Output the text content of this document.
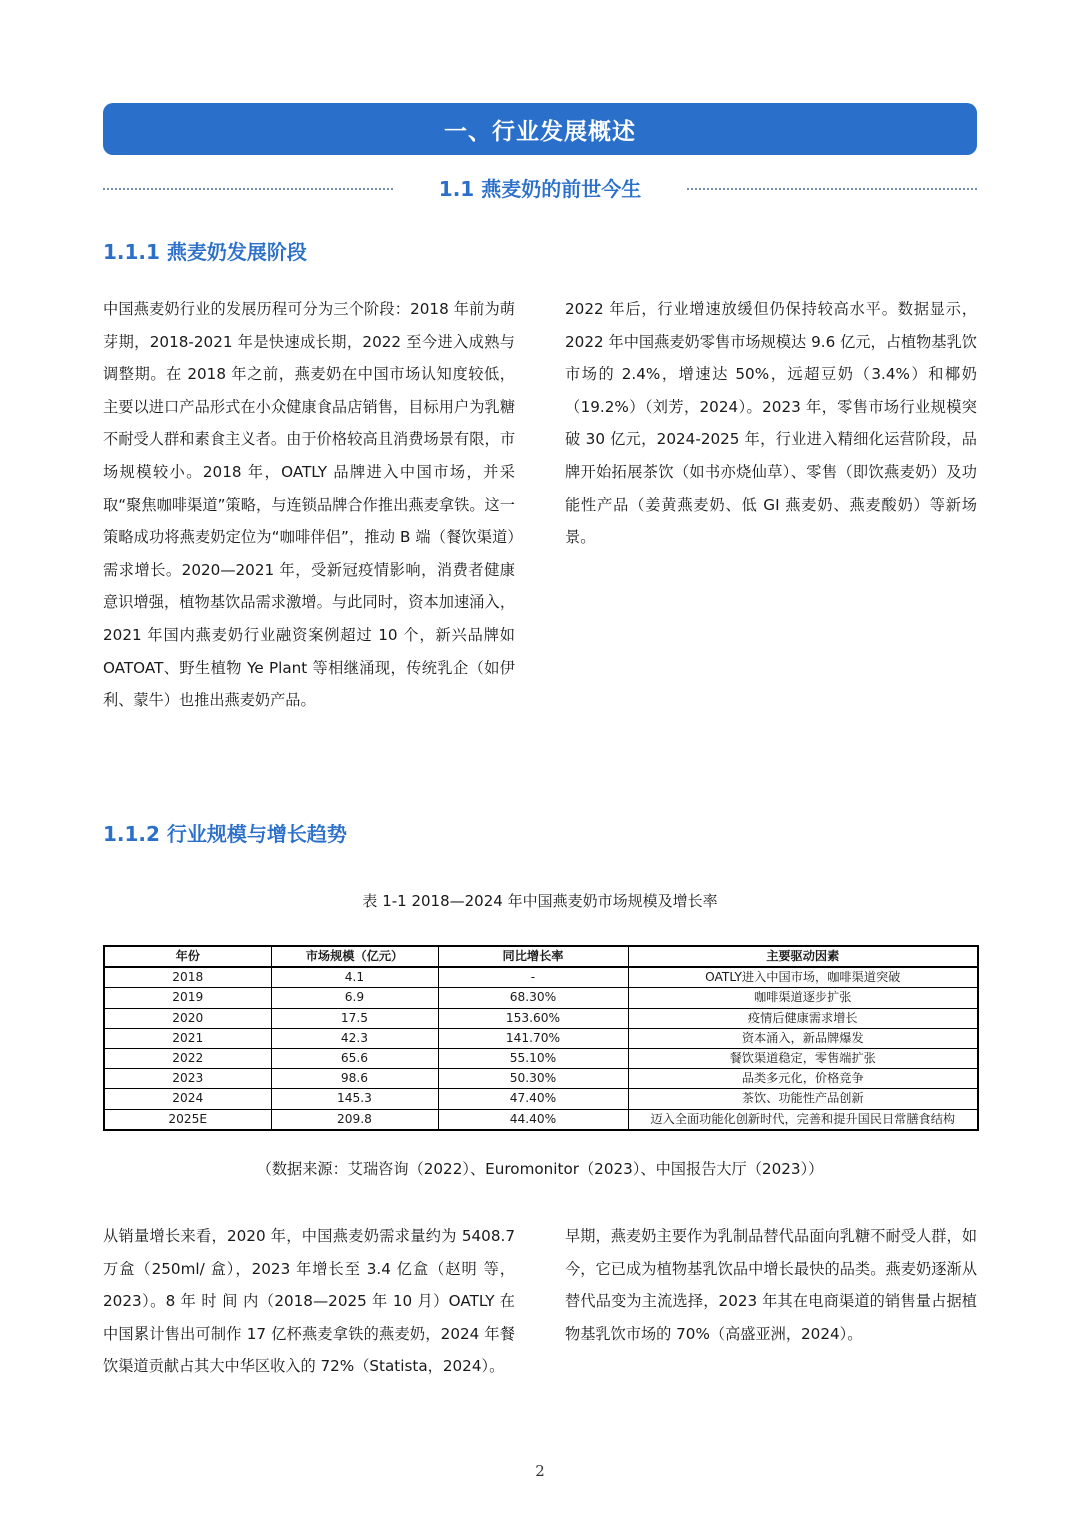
一、行业发展概述
1.1 燕麦奶的前世今生
1.1.1 燕麦奶发展阶段

中国燕麦奶行业的发展历程可分为三个阶段：2018 年前为萌芽期，2018-2021 年是快速成长期，2022 至今进入成熟与调整期。在 2018 年之前，燕麦奶在中国市场认知度较低，主要以进口产品形式在小众健康食品店销售，目标用户为乳糖不耐受人群和素食主义者。由于价格较高且消费场景有限，市场规模较小。2018 年，OATLY 品牌进入中国市场，并采取“聚焦咖啡渠道”策略，与连锁品牌合作推出燕麦拿铁。这一策略成功将燕麦奶定位为“咖啡伴侣”，推动 B 端（餐饮渠道）需求增长。2020—2021 年，受新冠疫情影响，消费者健康意识增强，植物基饮品需求激增。与此同时，资本加速涌入，2021 年国内燕麦奶行业融资案例超过 10 个，新兴品牌如 OATOAT、野生植物 Ye Plant 等相继涌现，传统乳企（如伊利、蒙牛）也推出燕麦奶产品。

2022 年后，行业增速放缓但仍保持较高水平。数据显示，2022 年中国燕麦奶零售市场规模达 9.6 亿元，占植物基乳饮市场的 2.4%，增速达 50%，远超豆奶（3.4%）和椰奶（19.2%）（刘芳，2024）。2023 年，零售市场行业规模突破 30 亿元，2024-2025 年，行业进入精细化运营阶段，品牌开始拓展茶饮（如书亦烧仙草）、零售（即饮燕麦奶）及功能性产品（姜黄燕麦奶、低 GI 燕麦奶、燕麦酸奶）等新场景。

1.1.2 行业规模与增长趋势
表 1-1 2018—2024 年中国燕麦奶市场规模及增长率
年份	市场规模（亿元）	同比增长率	主要驱动因素
2018	4.1	-	OATLY进入中国市场，咖啡渠道突破
2019	6.9	68.30%	咖啡渠道逐步扩张
2020	17.5	153.60%	疫情后健康需求增长
2021	42.3	141.70%	资本涌入，新品牌爆发
2022	65.6	55.10%	餐饮渠道稳定，零售端扩张
2023	98.6	50.30%	品类多元化，价格竞争
2024	145.3	47.40%	茶饮、功能性产品创新
2025E	209.8	44.40%	迈入全面功能化创新时代，完善和提升国民日常膳食结构
（数据来源：艾瑞咨询（2022）、Euromonitor（2023）、中国报告大厅（2023））

从销量增长来看，2020 年，中国燕麦奶需求量约为 5408.7 万盒（250ml/ 盒），2023 年增长至 3.4 亿盒（赵明 等，2023）。8 年 时 间 内（2018—2025 年 10 月）OATLY 在中国累计售出可制作 17 亿杯燕麦拿铁的燕麦奶，2024 年餐饮渠道贡献占其大中华区收入的 72%（Statista，2024）。

早期，燕麦奶主要作为乳制品替代品面向乳糖不耐受人群，如今，它已成为植物基乳饮品中增长最快的品类。燕麦奶逐渐从替代品变为主流选择，2023 年其在电商渠道的销售量占据植物基乳饮市场的 70%（高盛亚洲，2024）。

2
